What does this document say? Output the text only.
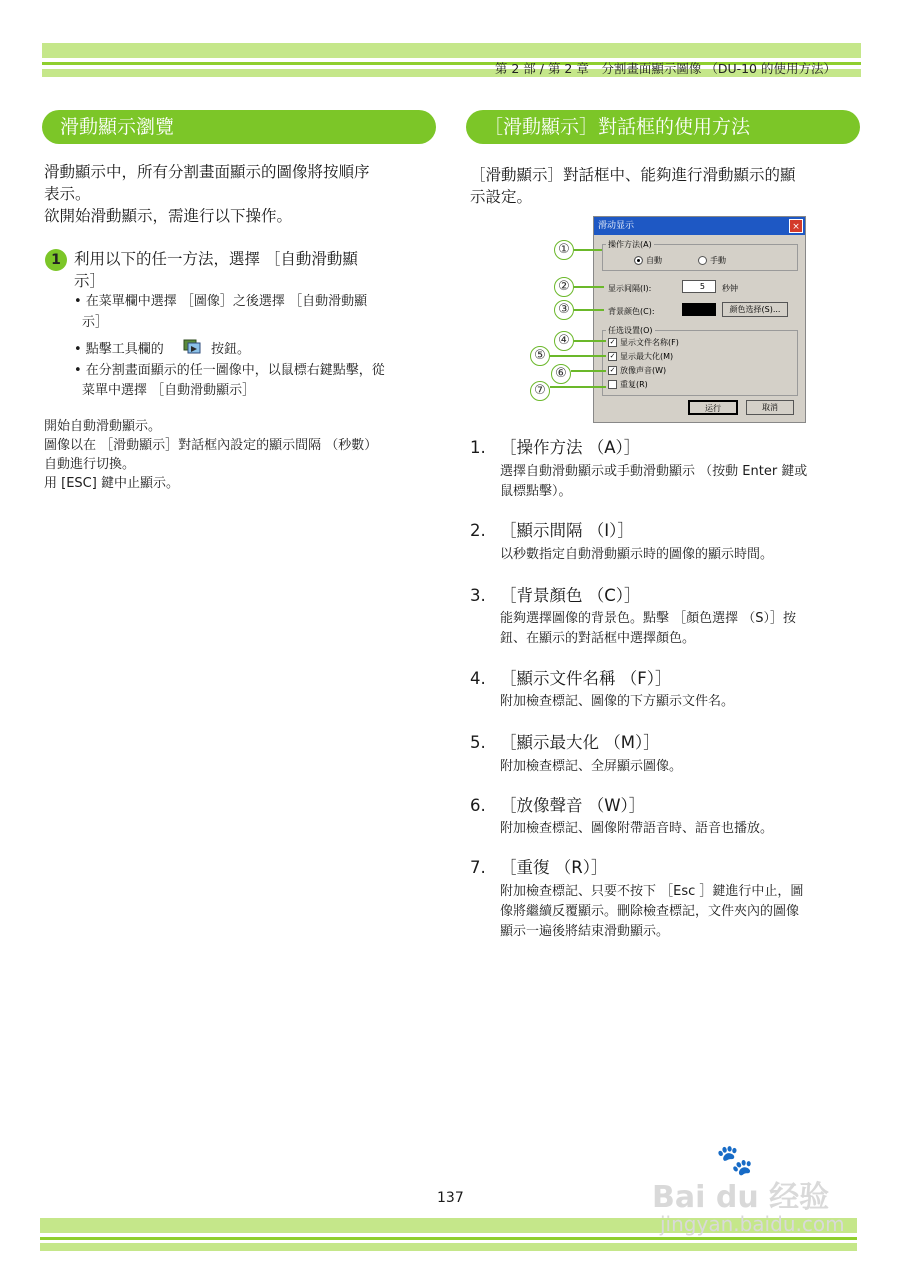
第 2 部 / 第 2 章　分割畫面顯示圖像 （DU-10 的使用方法）
滑動顯示瀏覽
滑動顯示中，所有分割畫面顯示的圖像將按順序
表示。
欲開始滑動顯示，需進行以下操作。
1 利用以下的任一方法，選擇 ［自動滑動顯
示］
• 在菜單欄中選擇 ［圖像］之後選擇 ［自動滑動顯
示］
• 點擊工具欄的	按鈕。
• 在分割畫面顯示的任一圖像中，以鼠標右鍵點擊，從
菜單中選擇 ［自動滑動顯示］
開始自動滑動顯示。
圖像以在 ［滑動顯示］對話框內設定的顯示間隔 （秒數）
自動進行切換。
用 [ESC] 鍵中止顯示。
［滑動顯示］對話框的使用方法
［滑動顯示］對話框中、能夠進行滑動顯示的顯
示設定。
滑动显示	×
操作方法(A)
自動	手動
显示间隔(I):	5	秒钟
背景颜色(C):	颜色选择(S)...
任选设置(O)
✓ 显示文件名称(F)
✓ 显示最大化(M)
✓ 放像声音(W)
重复(R)
运行	取消
①
②
③
④
⑤
⑥
⑦
1. ［操作方法 （A）］
選擇自動滑動顯示或手動滑動顯示 （按動 Enter 鍵或
鼠標點擊）。
2. ［顯示間隔 （I）］
以秒數指定自動滑動顯示時的圖像的顯示時間。
3. ［背景顏色 （C）］
能夠選擇圖像的背景色。點擊 ［顏色選擇 （S）］按
鈕、在顯示的對話框中選擇顏色。
4. ［顯示文件名稱 （F）］
附加檢查標記、圖像的下方顯示文件名。
5. ［顯示最大化 （M）］
附加檢查標記、全屏顯示圖像。
6. ［放像聲音 （W）］
附加檢查標記、圖像附帶語音時、語音也播放。
7. ［重復 （R）］
附加檢查標記、只要不按下 ［Esc ］鍵進行中止，圖
像將繼續反覆顯示。刪除檢查標記，文件夾內的圖像
顯示一遍後將結束滑動顯示。
137
🐾
Bai du 经验
jingyan.baidu.com
